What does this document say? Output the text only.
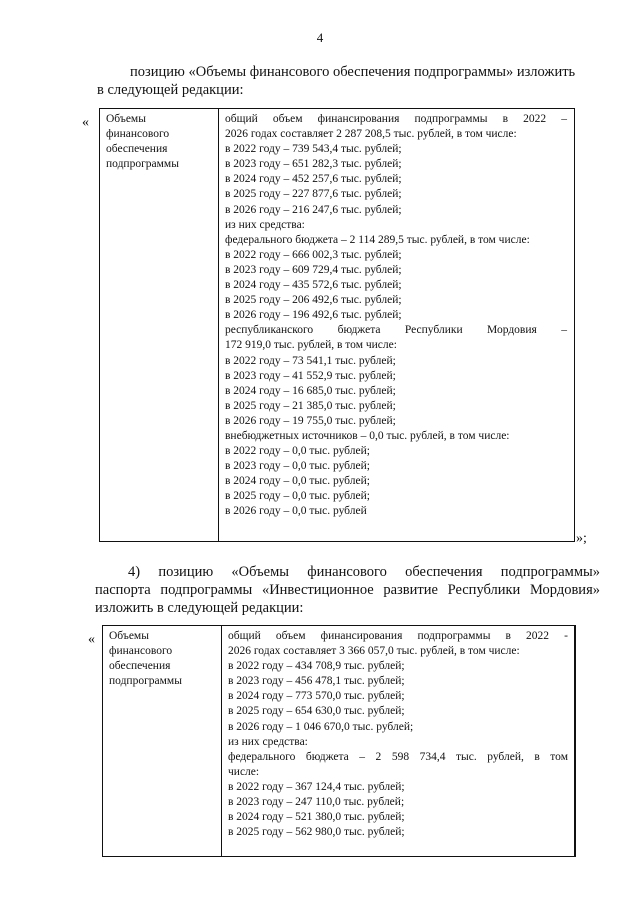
4
позицию «Объемы финансового обеспечения подпрограммы» изложить
в следующей редакции:
« Объемы
финансового
обеспечения
подпрограммы
общий объем финансирования подпрограммы в 2022 –
2026 годах составляет 2 287 208,5 тыс. рублей, в том числе:
в 2022 году – 739 543,4 тыс. рублей;
в 2023 году – 651 282,3 тыс. рублей;
в 2024 году – 452 257,6 тыс. рублей;
в 2025 году – 227 877,6 тыс. рублей;
в 2026 году – 216 247,6 тыс. рублей;
из них средства:
федерального бюджета – 2 114 289,5 тыс. рублей, в том числе:
в 2022 году – 666 002,3 тыс. рублей;
в 2023 году – 609 729,4 тыс. рублей;
в 2024 году – 435 572,6 тыс. рублей;
в 2025 году – 206 492,6 тыс. рублей;
в 2026 году – 196 492,6 тыс. рублей;
республиканского бюджета Республики Мордовия –
172 919,0 тыс. рублей, в том числе:
в 2022 году – 73 541,1 тыс. рублей;
в 2023 году – 41 552,9 тыс. рублей;
в 2024 году – 16 685,0 тыс. рублей;
в 2025 году – 21 385,0 тыс. рублей;
в 2026 году – 19 755,0 тыс. рублей;
внебюджетных источников – 0,0 тыс. рублей, в том числе:
в 2022 году – 0,0 тыс. рублей;
в 2023 году – 0,0 тыс. рублей;
в 2024 году – 0,0 тыс. рублей;
в 2025 году – 0,0 тыс. рублей;
в 2026 году – 0,0 тыс. рублей
»;
4) позицию «Объемы финансового обеспечения подпрограммы»
паспорта подпрограммы «Инвестиционное развитие Республики Мордовия»
изложить в следующей редакции:
« Объемы
финансового
обеспечения
подпрограммы
общий объем финансирования подпрограммы в 2022 -
2026 годах составляет 3 366 057,0 тыс. рублей, в том числе:
в 2022 году – 434 708,9 тыс. рублей;
в 2023 году – 456 478,1 тыс. рублей;
в 2024 году – 773 570,0 тыс. рублей;
в 2025 году – 654 630,0 тыс. рублей;
в 2026 году – 1 046 670,0 тыс. рублей;
из них средства:
федерального бюджета – 2 598 734,4 тыс. рублей, в том
числе:
в 2022 году – 367 124,4 тыс. рублей;
в 2023 году – 247 110,0 тыс. рублей;
в 2024 году – 521 380,0 тыс. рублей;
в 2025 году – 562 980,0 тыс. рублей;
